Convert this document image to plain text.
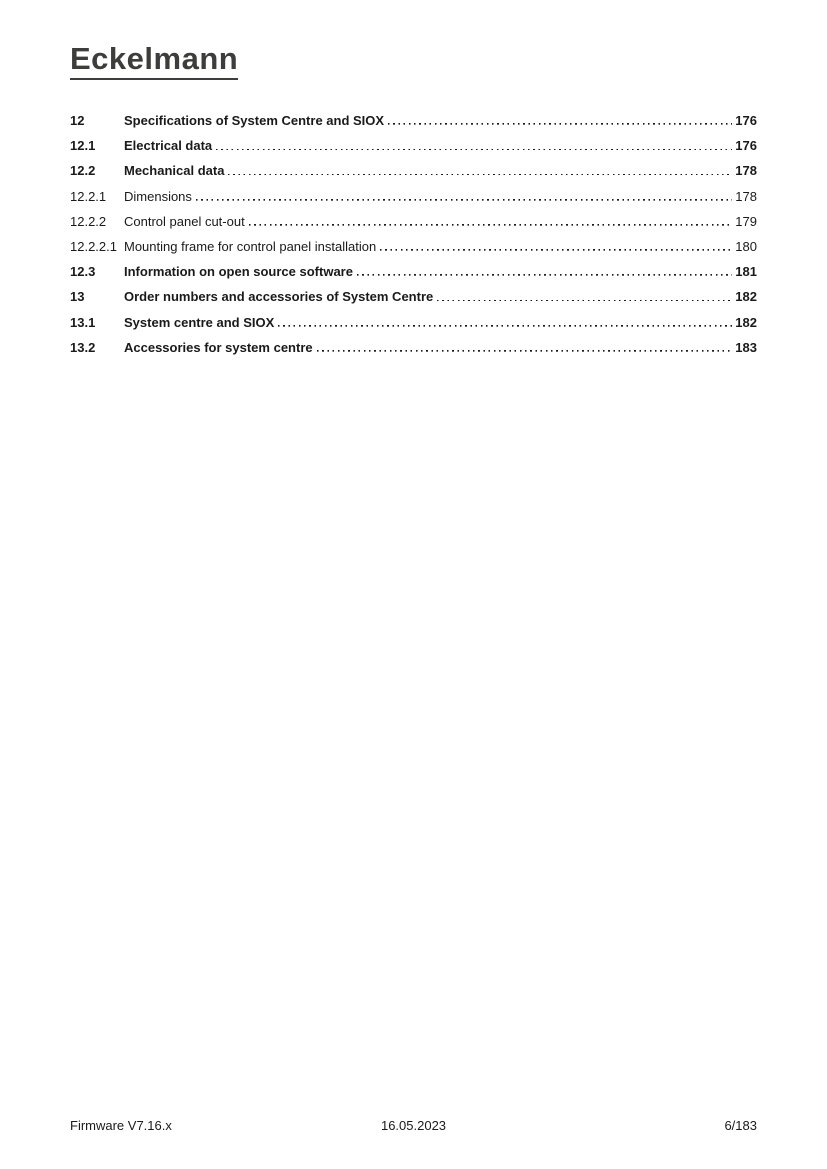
Eckelmann
12	Specifications of System Centre and SIOX	176
12.1	Electrical data	176
12.2	Mechanical data	178
12.2.1	Dimensions	178
12.2.2	Control panel cut-out	179
12.2.2.1 Mounting frame for control panel installation	180
12.3	Information on open source software	181
13	Order numbers and accessories of System Centre	182
13.1	System centre and SIOX	182
13.2	Accessories for system centre	183
Firmware V7.16.x	16.05.2023	6/183
